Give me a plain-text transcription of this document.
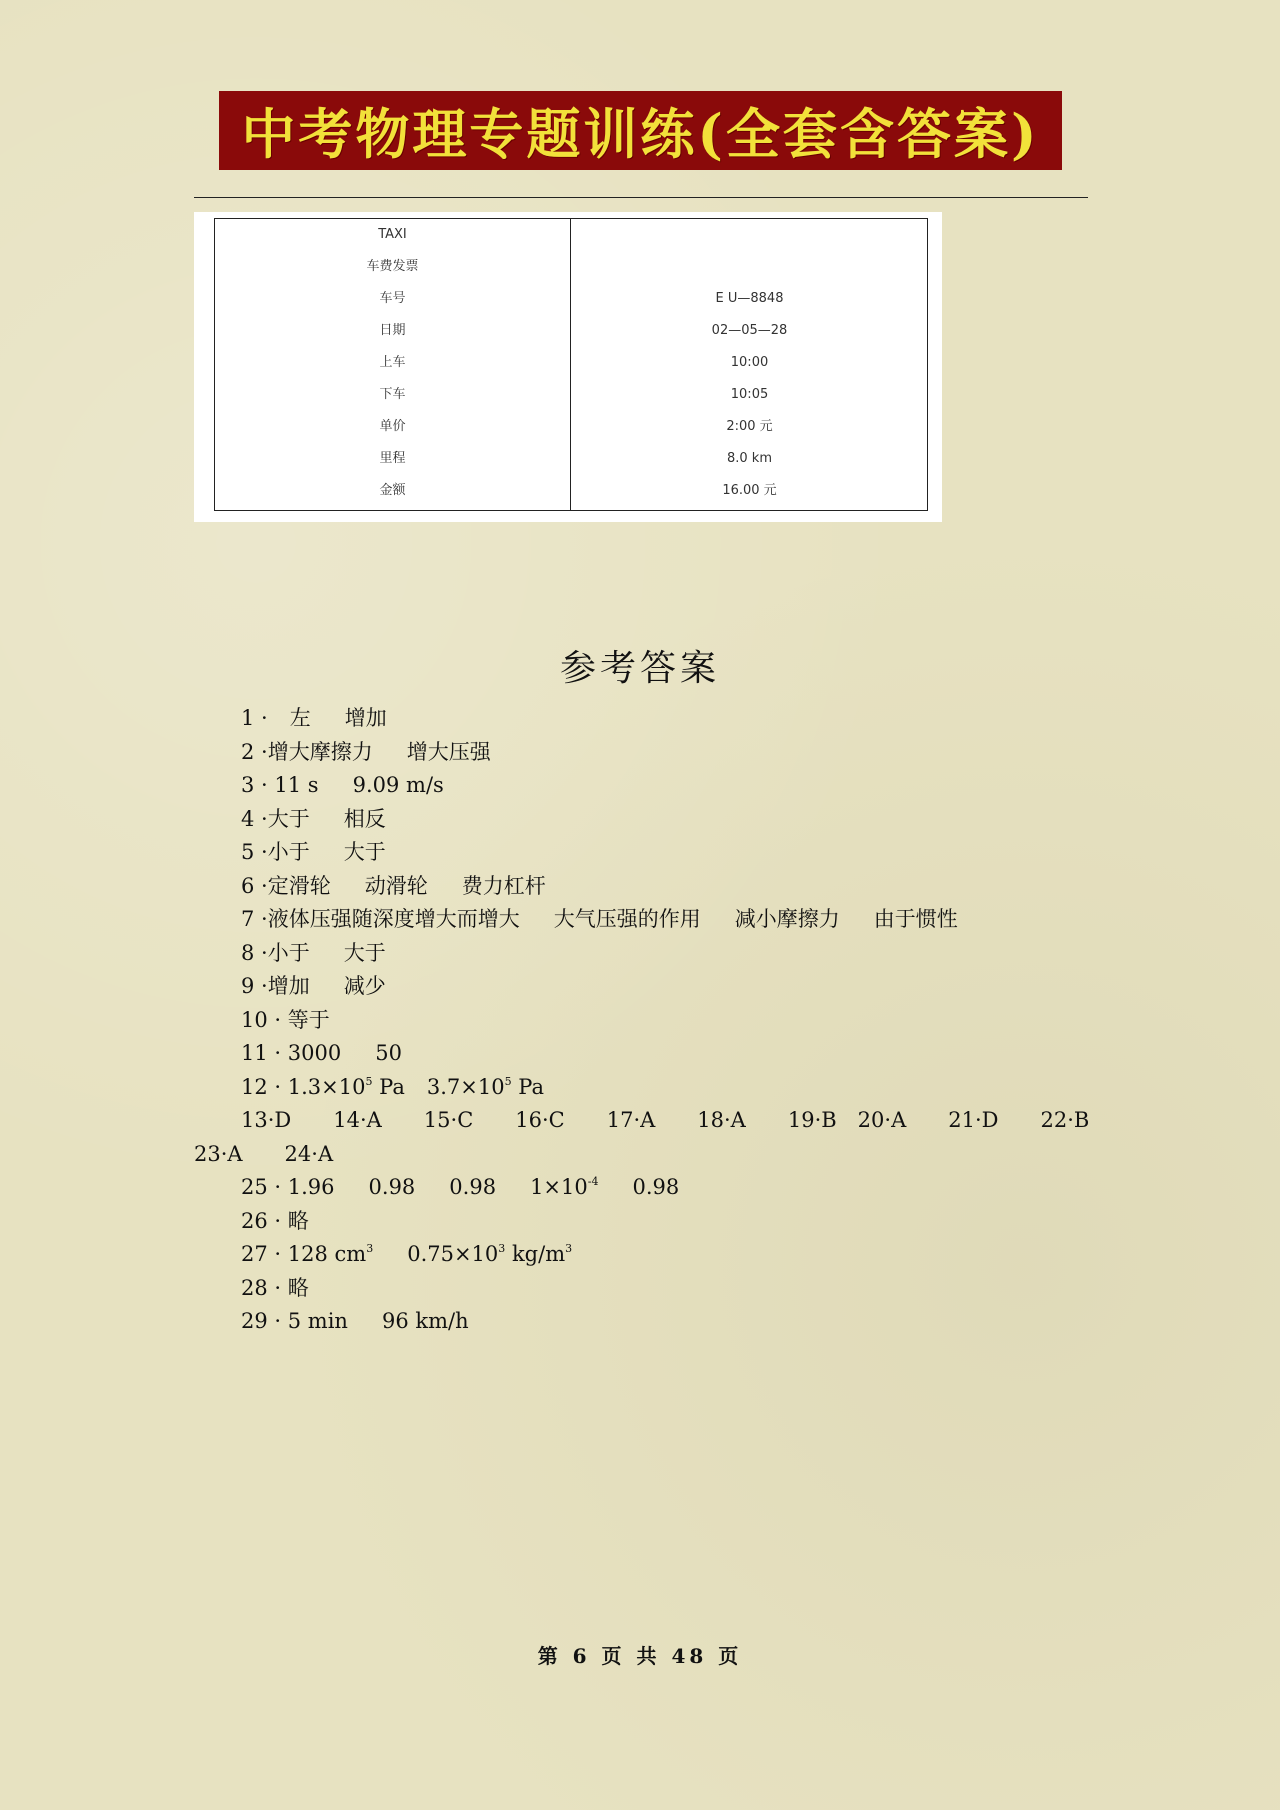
中考物理专题训练(全套含答案)
TAXI
车费发票
车号	E U—8848
日期	02—05—28
上车	10:00
下车	10:05
单价	2:00 元
里程	8.0 km
金额	16.00 元
参考答案
1 · 左 增加
2 ·增大摩擦力 增大压强
3 · 11 s 9.09 m/s
4 ·大于 相反
5 ·小于 大于
6 ·定滑轮 动滑轮 费力杠杆
7 ·液体压强随深度增大而增大 大气压强的作用 减小摩擦力 由于惯性
8 ·小于 大于
9 ·增加 减少
10 · 等于
11 · 3000 50
$12 \cdot 1.3\times 10^5$ Pa $3.7\times 10^5$ Pa
13·D　　14·A　　15·C　　16·C　　17·A　　18·A　　19·B　20·A　　21·D　　22·B
23·A　　24·A
25 · 1.96 0.98 0.98 $1\times 10^{-4}$ 0.98
26 · 略
27 · 128 $cm^3$ $0.75\times 10^3$ $kg/m^3$
28 · 略
29 · 5 min 96 km/h
第 6 页 共 48 页
